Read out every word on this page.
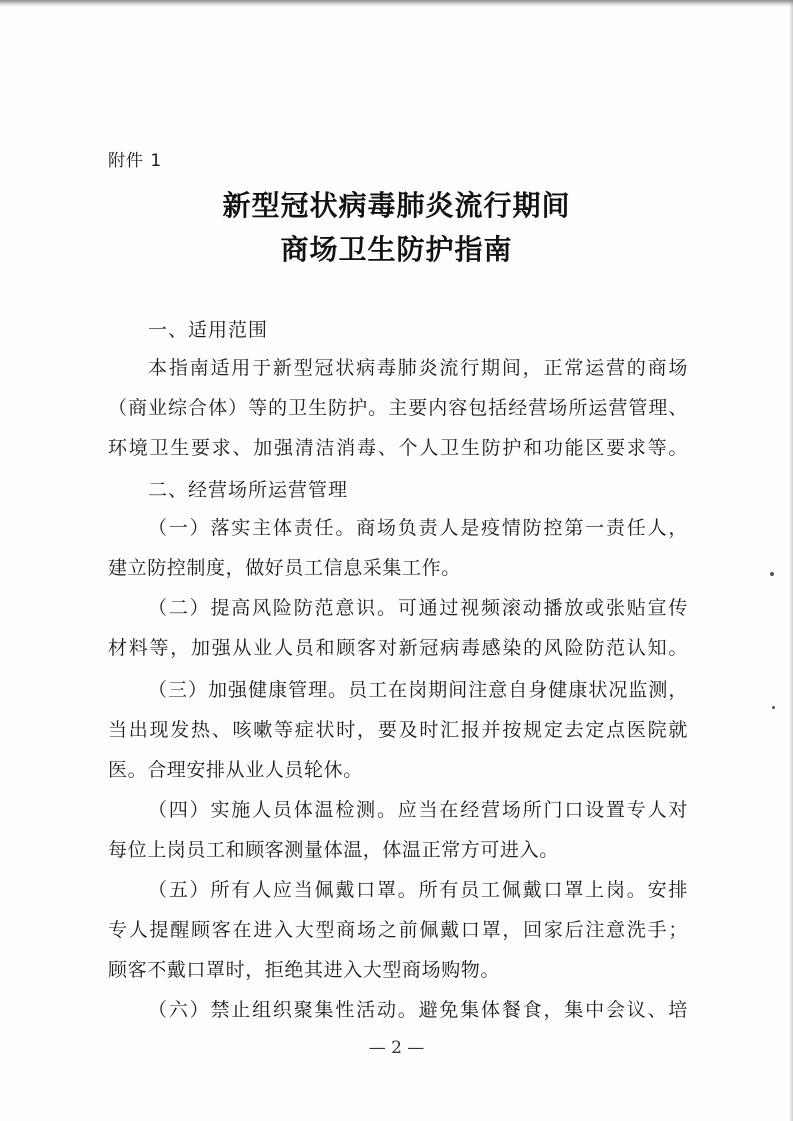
附件 1
新型冠状病毒肺炎流行期间
商场卫生防护指南
一、适用范围
本指南适用于新型冠状病毒肺炎流行期间，正常运营的商场
（商业综合体）等的卫生防护。主要内容包括经营场所运营管理、
环境卫生要求、加强清洁消毒、个人卫生防护和功能区要求等。
二、经营场所运营管理
（一）落实主体责任。商场负责人是疫情防控第一责任人，
建立防控制度，做好员工信息采集工作。
（二）提高风险防范意识。可通过视频滚动播放或张贴宣传
材料等，加强从业人员和顾客对新冠病毒感染的风险防范认知。
（三）加强健康管理。员工在岗期间注意自身健康状况监测，
当出现发热、咳嗽等症状时，要及时汇报并按规定去定点医院就
医。合理安排从业人员轮休。
（四）实施人员体温检测。应当在经营场所门口设置专人对
每位上岗员工和顾客测量体温，体温正常方可进入。
（五）所有人应当佩戴口罩。所有员工佩戴口罩上岗。安排
专人提醒顾客在进入大型商场之前佩戴口罩，回家后注意洗手；
顾客不戴口罩时，拒绝其进入大型商场购物。
（六）禁止组织聚集性活动。避免集体餐食，集中会议、培
— 2 —
